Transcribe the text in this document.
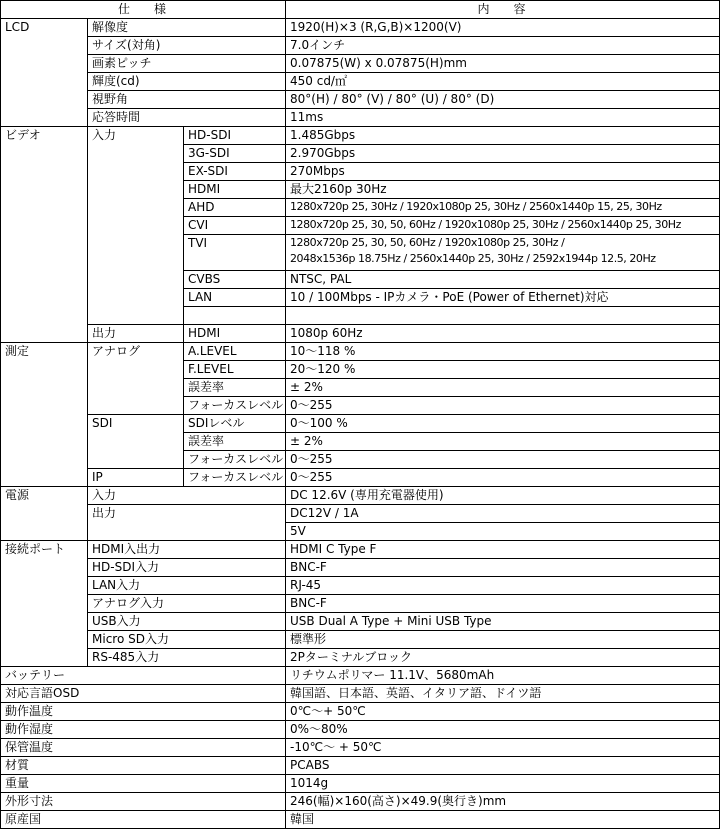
仕　様			内　容
LCD	解像度		1920(H)×3 (R,G,B)×1200(V)
	サイズ(対角)		7.0インチ
	画素ピッチ		0.07875(W) x 0.07875(H)mm
	輝度(cd)		450 cd/㎡
	視野角		80°(H) / 80° (V) / 80° (U) / 80° (D)
	応答時間		11ms
ビデオ	入力	HD-SDI	1.485Gbps
		3G-SDI	2.970Gbps
		EX-SDI	270Mbps
		HDMI	最大2160p 30Hz
		AHD	1280x720p 25, 30Hz / 1920x1080p 25, 30Hz / 2560x1440p 15, 25, 30Hz
		CVI	1280x720p 25, 30, 50, 60Hz / 1920x1080p 25, 30Hz / 2560x1440p 25, 30Hz
		TVI	1280x720p 25, 30, 50, 60Hz / 1920x1080p 25, 30Hz /
2048x1536p 18.75Hz / 2560x1440p 25, 30Hz / 2592x1944p 12.5, 20Hz

		CVBS	NTSC, PAL
		LAN	10 / 100Mbps - IPカメラ・PoE (Power of Ethernet)対応

	出力	HDMI	1080p 60Hz
測定	アナログ	A.LEVEL	10～118 %
		F.LEVEL	20～120 %
		誤差率	± 2%
		フォーカスレベル	0～255
	SDI	SDIレベル	0～100 %
		誤差率	± 2%
		フォーカスレベル	0～255
	IP	フォーカスレベル	0～255
電源	入力		DC 12.6V (専用充電器使用)
	出力		DC12V / 1A
			5V
接続ポート	HDMI入出力		HDMI C Type F
	HD-SDI入力		BNC-F
	LAN入力		RJ-45
	アナログ入力		BNC-F
	USB入力		USB Dual A Type + Mini USB Type
	Micro SD入力		標準形
	RS-485入力		2Pターミナルブロック
バッテリー			リチウムポリマー 11.1V、5680mAh
対応言語OSD			韓国語、日本語、英語、イタリア語、ドイツ語
動作温度			0℃～+ 50℃
動作湿度			0%～80%
保管温度			-10℃～ + 50℃
材質			PCABS
重量			1014g
外形寸法			246(幅)×160(高さ)×49.9(奥行き)mm
原産国			韓国
